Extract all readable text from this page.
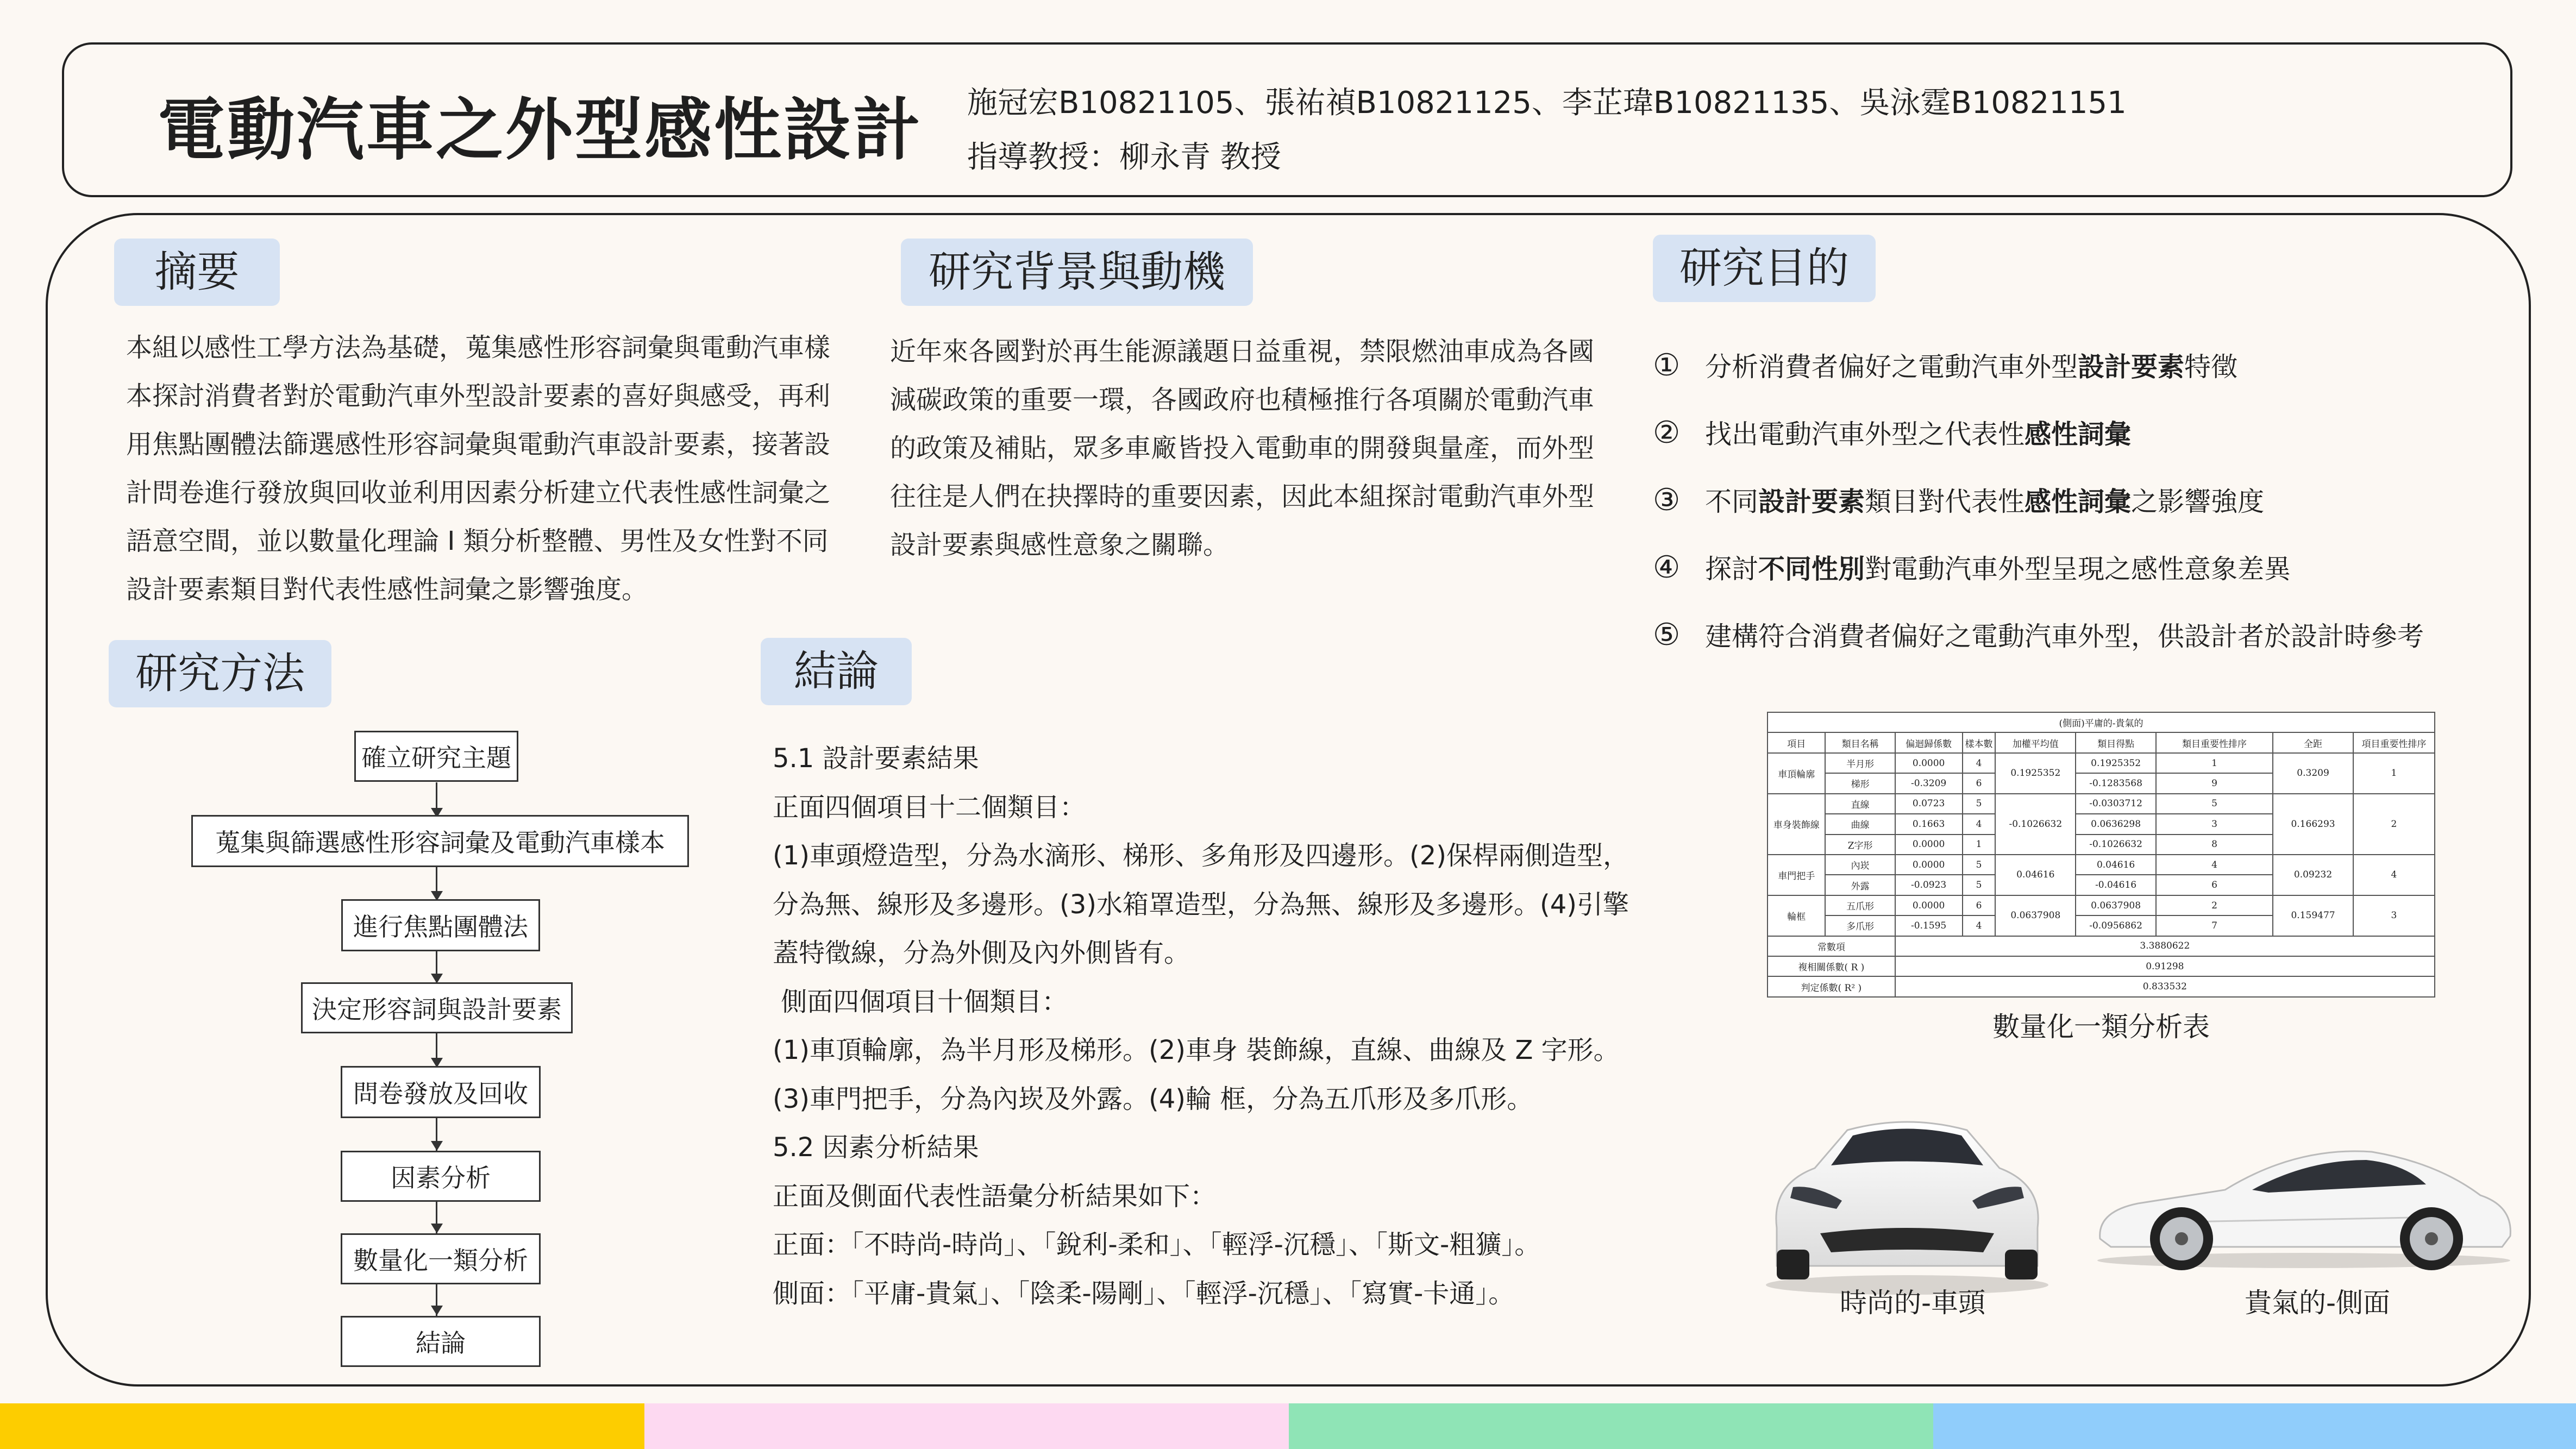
電動汽車之外型感性設計 施冠宏B10821105、張祐禎B10821125、李芷瑋B10821135、吳泳霆B10821151
指導教授：柳永青 教授
摘要

本組以感性工學方法為基礎，蒐集感性形容詞彙與電動汽車樣

本探討消費者對於電動汽車外型設計要素的喜好與感受，再利

用焦點團體法篩選感性形容詞彙與電動汽車設計要素，接著設

計問卷進行發放與回收並利用因素分析建立代表性感性詞彙之

語意空間，並以數量化理論 I 類分析整體、男性及女性對不同

設計要素類目對代表性感性詞彙之影響強度。

研究背景與動機

近年來各國對於再生能源議題日益重視，禁限燃油車成為各國

減碳政策的重要一環，各國政府也積極推行各項關於電動汽車

的政策及補貼，眾多車廠皆投入電動車的開發與量產，而外型

往往是人們在抉擇時的重要因素，因此本組探討電動汽車外型

設計要素與感性意象之關聯。

研究目的
① 分析消費者偏好之電動汽車外型 設計要素 特徵
② 找出電動汽車外型之代表性 感性詞彙
③ 不同 設計要素 類目對代表性 感性詞彙 之影響強度
④ 探討 不同性別 對電動汽車外型呈現之感性意象差異
⑤ 建構符合消費者偏好之電動汽車外型，供設計者於設計時參考
研究方法
確立研究主題
蒐集與篩選感性形容詞彙及電動汽車樣本
進行焦點團體法
決定形容詞與設計要素
問卷發放及回收
因素分析
數量化一類分析
結論
結論

5.1 設計要素結果

正面四個項目十二個類目：

(1)車頭燈造型，分為水滴形、梯形、多角形及四邊形。(2)保桿兩側造型，

分為無、線形及多邊形。(3)水箱罩造型，分為無、線形及多邊形。(4)引擎

蓋特徵線，分為外側及內外側皆有。

側面四個項目十個類目：

(1)車頂輪廓，為半月形及梯形。(2)車身 裝飾線，直線、曲線及 Z 字形。

(3)車門把手，分為內崁及外露。(4)輪 框，分為五爪形及多爪形。

5.2 因素分析結果

正面及側面代表性語彙分析結果如下：

正面：「不時尚-時尚」、「銳利-柔和」、「輕浮-沉穩」、「斯文-粗獷」。

側面：「平庸-貴氣」、「陰柔-陽剛」、「輕浮-沉穩」、「寫實-卡通」。

(側面)平庸的-貴氣的								
項目	類目名稱	偏迴歸係數	樣本數	加權平均值	類目得點	類目重要性排序	全距	項目重要性排序
車頂輪廓	半月形	0.0000	4	0.1925352	0.1925352	1	0.3209	1
	梯形	-0.3209	6		-0.1283568	9		
車身裝飾線	直線	0.0723	5	-0.1026632	-0.0303712	5	0.166293	2
	曲線	0.1663	4		0.0636298	3		
	Z字形	0.0000	1		-0.1026632	8		
車門把手	內崁	0.0000	5	0.04616	0.04616	4	0.09232	4
	外露	-0.0923	5		-0.04616	6		
輪框	五爪形	0.0000	6	0.0637908	0.0637908	2	0.159477	3
	多爪形	-0.1595	4		-0.0956862	7		
常數項		3.3880622						
複相關係數( R )		0.91298						
判定係數( R² )		0.833532						
數量化一類分析表
時尚的-車頭	貴氣的-側面
